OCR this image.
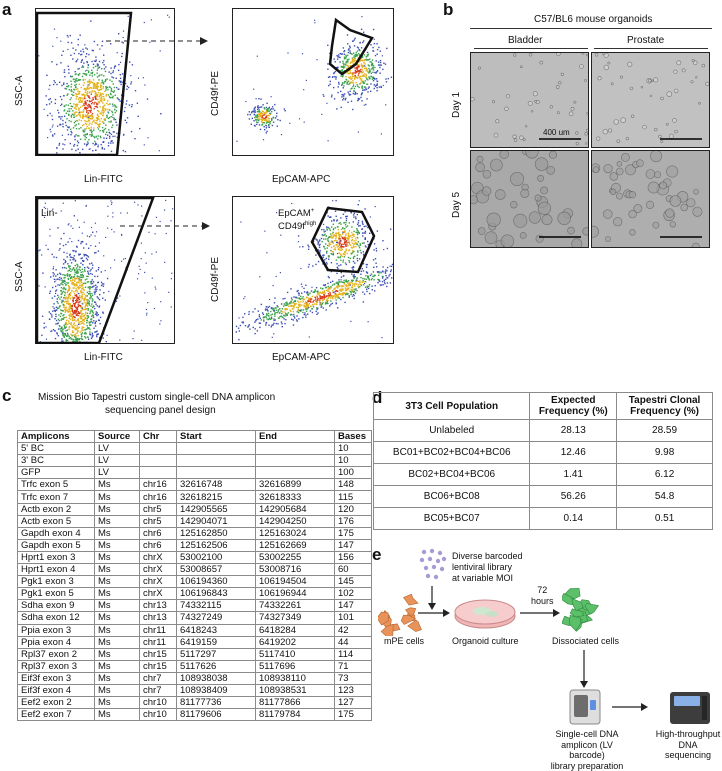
a
SSC-A
Lin-FITC
CD49f-PE
EpCAM-APC
Lin-
SSC-A
Lin-FITC
EpCAM+
$CD49f^{high}$
CD49f-PE
EpCAM-APC
b
C57/BL6 mouse organoids
Bladder	Prostate
Day 1
Day 5
400 um
c	Mission Bio Tapestri custom single-cell DNA amplicon
sequencing panel design
Amplicons	Source	Chr	Start	End	Bases
5' BC	LV				10
3' BC	LV				10
GFP	LV				100
Trfc exon 5	Ms	chr16	32616748	32616899	148
Trfc exon 7	Ms	chr16	32618215	32618333	115
Actb exon 2	Ms	chr5	142905565	142905684	120
Actb exon 5	Ms	chr5	142904071	142904250	176
Gapdh exon 4	Ms	chr6	125162850	125163024	175
Gapdh exon 5	Ms	chr6	125162506	125162669	147
Hprt1 exon 3	Ms	chrX	53002100	53002255	156
Hprt1 exon 4	Ms	chrX	53008657	53008716	60
Pgk1 exon 3	Ms	chrX	106194360	106194504	145
Pgk1 exon 5	Ms	chrX	106196843	106196944	102
Sdha exon 9	Ms	chr13	74332115	74332261	147
Sdha exon 12	Ms	chr13	74327249	74327349	101
Ppia exon 3	Ms	chr11	6418243	6418284	42
Ppia exon 4	Ms	chr11	6419159	6419202	44
Rpl37 exon 2	Ms	chr15	5117297	5117410	114
Rpl37 exon 3	Ms	chr15	5117626	5117696	71
Eif3f exon 3	Ms	chr7	108938038	108938110	73
Eif3f exon 4	Ms	chr7	108938409	108938531	123
Eef2 exon 2	Ms	chr10	81177736	81177866	127
Eef2 exon 7	Ms	chr10	81179606	81179784	175
d 3T3 Cell Population	Expected Frequency (%)	Tapestri Clonal Frequency (%)
Unlabeled	28.13	28.59
BC01+BC02+BC04+BC06	12.46	9.98
BC02+BC04+BC06	1.41	6.12
BC06+BC08	56.26	54.8
BC05+BC07	0.14	0.51
e	Diverse barcoded
lentiviral library
at variable MOI
mPE cells	Organoid culture
72
hours
Dissociated cells
Single-cell DNA
amplicon (LV barcode)
library preparation
High-throughput
DNA sequencing
